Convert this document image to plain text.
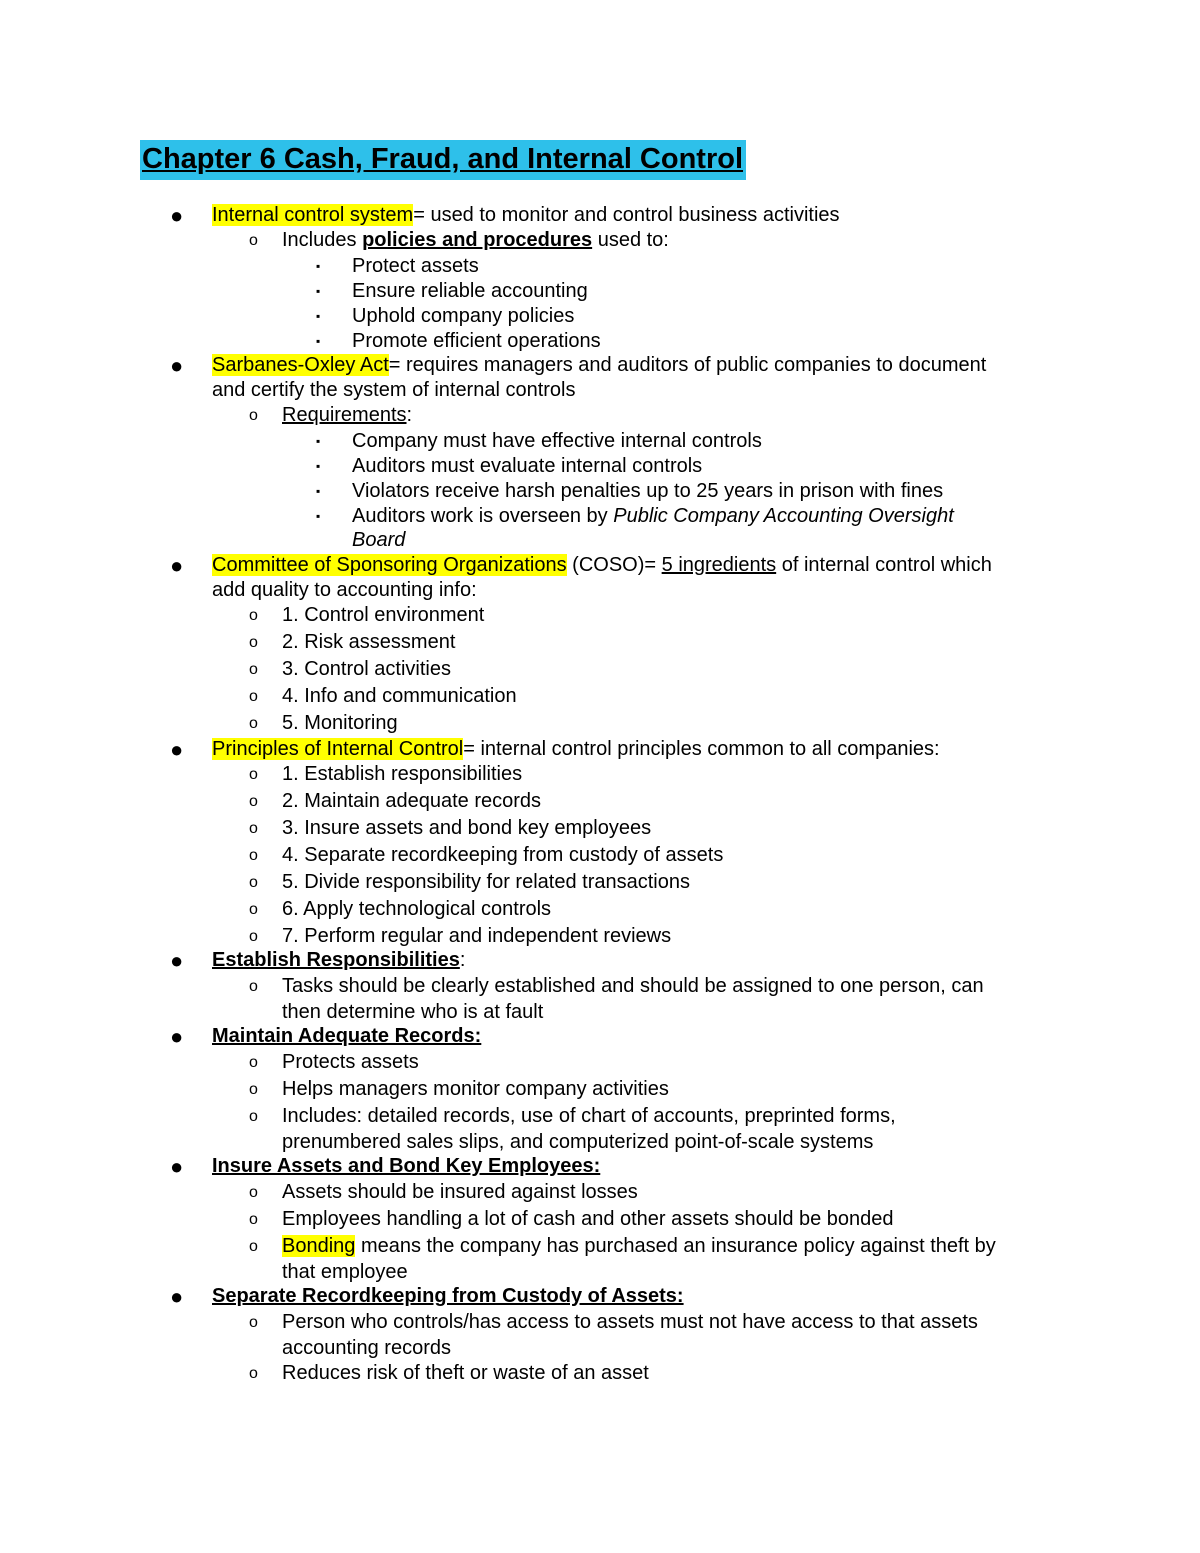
Chapter 6 Cash, Fraud, and Internal Control
● Internal control system= used to monitor and control business activities
o Includes policies and procedures used to:
▪ Protect assets
▪ Ensure reliable accounting
▪ Uphold company policies
▪ Promote efficient operations
● Sarbanes-Oxley Act= requires managers and auditors of public companies to document
and certify the system of internal controls
o Requirements:
▪ Company must have effective internal controls
▪ Auditors must evaluate internal controls
▪ Violators receive harsh penalties up to 25 years in prison with fines
▪ Auditors work is overseen by Public Company Accounting Oversight
Board
● Committee of Sponsoring Organizations (COSO)= 5 ingredients of internal control which
add quality to accounting info:
o 1. Control environment
o 2. Risk assessment
o 3. Control activities
o 4. Info and communication
o 5. Monitoring
● Principles of Internal Control= internal control principles common to all companies:
o 1. Establish responsibilities
o 2. Maintain adequate records
o 3. Insure assets and bond key employees
o 4. Separate recordkeeping from custody of assets
o 5. Divide responsibility for related transactions
o 6. Apply technological controls
o 7. Perform regular and independent reviews
● Establish Responsibilities:
o Tasks should be clearly established and should be assigned to one person, can
then determine who is at fault
● Maintain Adequate Records:
o Protects assets
o Helps managers monitor company activities
o Includes: detailed records, use of chart of accounts, preprinted forms,
prenumbered sales slips, and computerized point-of-scale systems
● Insure Assets and Bond Key Employees:
o Assets should be insured against losses
o Employees handling a lot of cash and other assets should be bonded
o Bonding means the company has purchased an insurance policy against theft by
that employee
● Separate Recordkeeping from Custody of Assets:
o Person who controls/has access to assets must not have access to that assets
accounting records
o Reduces risk of theft or waste of an asset
